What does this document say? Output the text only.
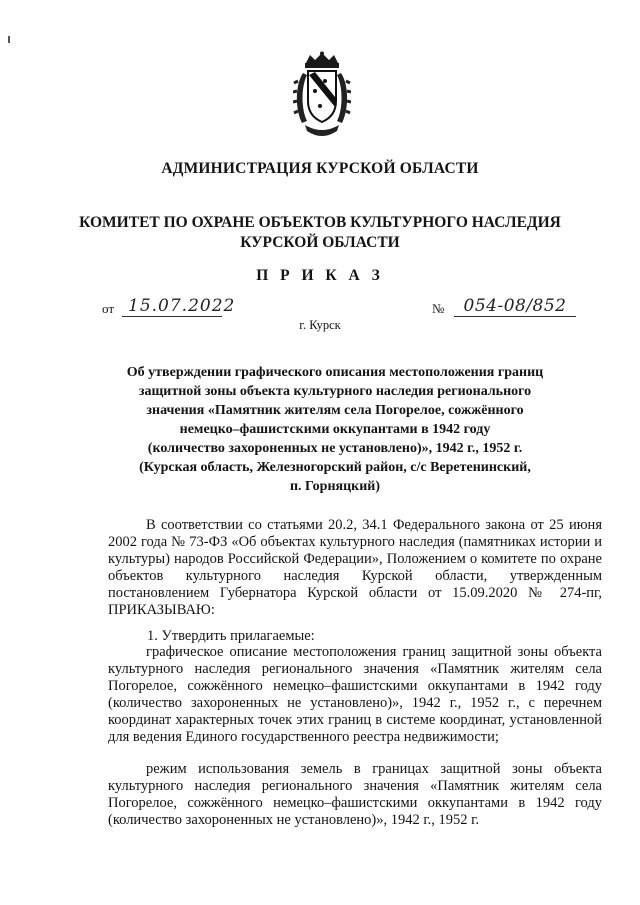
АДМИНИСТРАЦИЯ КУРСКОЙ ОБЛАСТИ
КОМИТЕТ ПО ОХРАНЕ ОБЪЕКТОВ КУЛЬТУРНОГО НАСЛЕДИЯ
КУРСКОЙ ОБЛАСТИ
П Р И К А З
от 15.07.2022	№	054-08/852
г. Курск
Об утверждении графического описания местоположения границ
защитной зоны объекта культурного наследия регионального
значения «Памятник жителям села Погорелое, сожжённого
немецко–фашистскими оккупантами в 1942 году
(количество захороненных не установлено)», 1942 г., 1952 г.
(Курская область, Железногорский район, с/с Веретенинский,
п. Горняцкий)
В соответствии со статьями 20.2, 34.1 Федерального закона от 25 июня 2002 года № 73-ФЗ «Об объектах культурного наследия (памятниках истории и культуры) народов Российской Федерации», Положением о комитете по охране объектов культурного наследия Курской области, утвержденным постановлением Губернатора Курской области от 15.09.2020 № 274-пг, ПРИКАЗЫВАЮ:
1. Утвердить прилагаемые:
графическое описание местоположения границ защитной зоны объекта культурного наследия регионального значения «Памятник жителям села Погорелое, сожжённого немецко–фашистскими оккупантами в 1942 году (количество захороненных не установлено)», 1942 г., 1952 г., с перечнем координат характерных точек этих границ в системе координат, установленной для ведения Единого государственного реестра недвижимости;
режим использования земель в границах защитной зоны объекта культурного наследия регионального значения «Памятник жителям села Погорелое, сожжённого немецко–фашистскими оккупантами в 1942 году (количество захороненных не установлено)», 1942 г., 1952 г.
